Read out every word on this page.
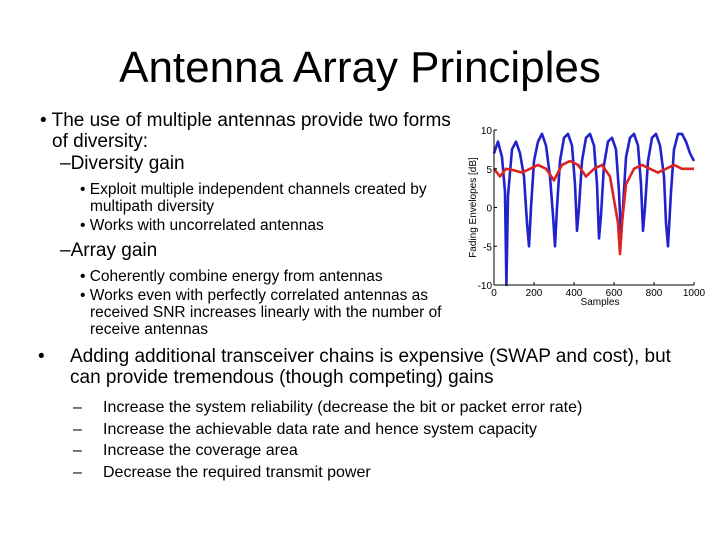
Antenna Array Principles
• The use of multiple antennas provide two forms of diversity:
–Diversity gain
• Exploit multiple independent channels created by multipath diversity
• Works with uncorrelated antennas
–Array gain
• Coherently combine energy from antennas
• Works even with perfectly correlated antennas as received SNR increases linearly with the number of receive antennas
10
5
0
-5
-10
0	200 400 600 800 1000
Samples
Fading Envelopes [dB]
• Adding additional transceiver chains is expensive (SWAP and cost), but can provide tremendous (though competing) gains
– Increase the system reliability (decrease the bit or packet error rate)
– Increase the achievable data rate and hence system capacity
– Increase the coverage area
– Decrease the required transmit power
